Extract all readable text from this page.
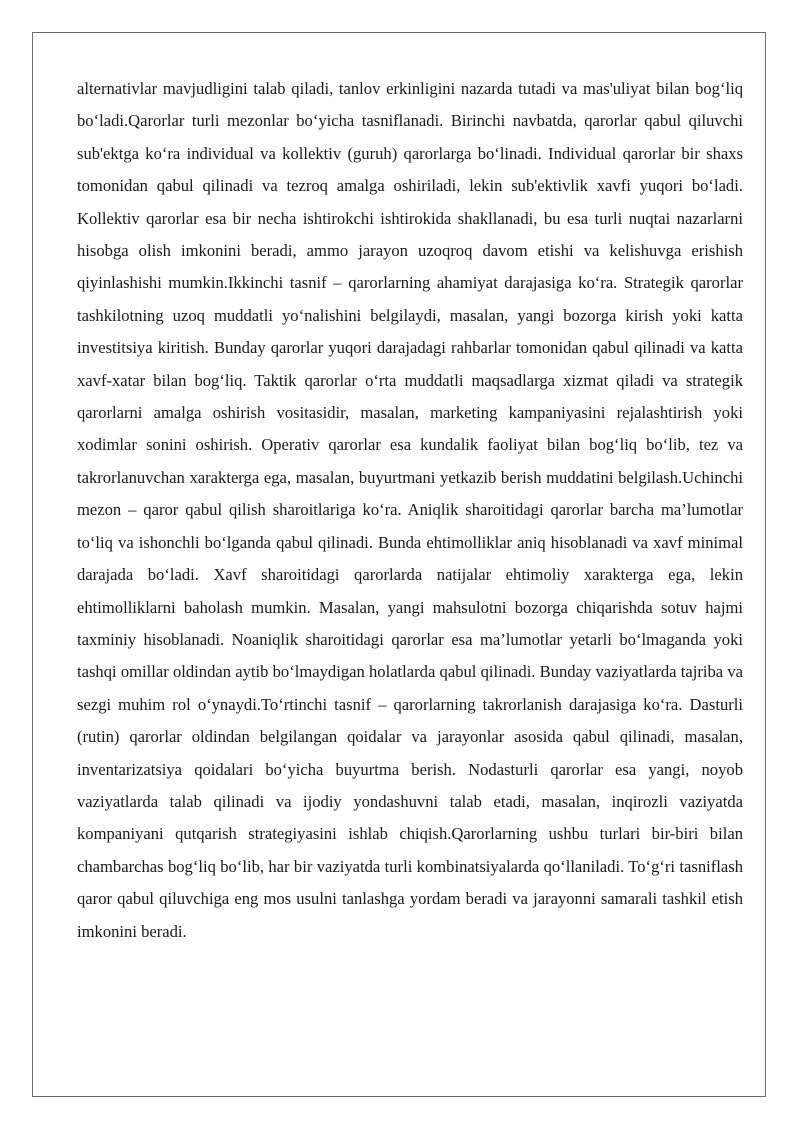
alternativlar mavjudligini talab qiladi, tanlov erkinligini nazarda tutadi va mas'uliyat bilan bog‘liq bo‘ladi.Qarorlar turli mezonlar bo‘yicha tasniflanadi. Birinchi navbatda, qarorlar qabul qiluvchi sub'ektga ko‘ra individual va kollektiv (guruh) qarorlarga bo‘linadi. Individual qarorlar bir shaxs tomonidan qabul qilinadi va tezroq amalga oshiriladi, lekin sub'ektivlik xavfi yuqori bo‘ladi. Kollektiv qarorlar esa bir necha ishtirokchi ishtirokida shakllanadi, bu esa turli nuqtai nazarlarni hisobga olish imkonini beradi, ammo jarayon uzoqroq davom etishi va kelishuvga erishish qiyinlashishi mumkin.Ikkinchi tasnif – qarorlarning ahamiyat darajasiga ko‘ra. Strategik qarorlar tashkilotning uzoq muddatli yo‘nalishini belgilaydi, masalan, yangi bozorga kirish yoki katta investitsiya kiritish. Bunday qarorlar yuqori darajadagi rahbarlar tomonidan qabul qilinadi va katta xavf-xatar bilan bog‘liq. Taktik qarorlar o‘rta muddatli maqsadlarga xizmat qiladi va strategik qarorlarni amalga oshirish vositasidir, masalan, marketing kampaniyasini rejalashtirish yoki xodimlar sonini oshirish. Operativ qarorlar esa kundalik faoliyat bilan bog‘liq bo‘lib, tez va takrorlanuvchan xarakterga ega, masalan, buyurtmani yetkazib berish muddatini belgilash.Uchinchi mezon – qaror qabul qilish sharoitlariga ko‘ra. Aniqlik sharoitidagi qarorlar barcha ma’lumotlar to‘liq va ishonchli bo‘lganda qabul qilinadi. Bunda ehtimolliklar aniq hisoblanadi va xavf minimal darajada bo‘ladi. Xavf sharoitidagi qarorlarda natijalar ehtimoliy xarakterga ega, lekin ehtimolliklarni baholash mumkin. Masalan, yangi mahsulotni bozorga chiqarishda sotuv hajmi taxminiy hisoblanadi. Noaniqlik sharoitidagi qarorlar esa ma’lumotlar yetarli bo‘lmaganda yoki tashqi omillar oldindan aytib bo‘lmaydigan holatlarda qabul qilinadi. Bunday vaziyatlarda tajriba va sezgi muhim rol o‘ynaydi.To‘rtinchi tasnif – qarorlarning takrorlanish darajasiga ko‘ra. Dasturli (rutin) qarorlar oldindan belgilangan qoidalar va jarayonlar asosida qabul qilinadi, masalan, inventarizatsiya qoidalari bo‘yicha buyurtma berish. Nodasturli qarorlar esa yangi, noyob vaziyatlarda talab qilinadi va ijodiy yondashuvni talab etadi, masalan, inqirozli vaziyatda kompaniyani qutqarish strategiyasini ishlab chiqish.Qarorlarning ushbu turlari bir-biri bilan chambarchas bog‘liq bo‘lib, har bir vaziyatda turli kombinatsiyalarda qo‘llaniladi. To‘g‘ri tasniflash qaror qabul qiluvchiga eng mos usulni tanlashga yordam beradi va jarayonni samarali tashkil etish imkonini beradi.
